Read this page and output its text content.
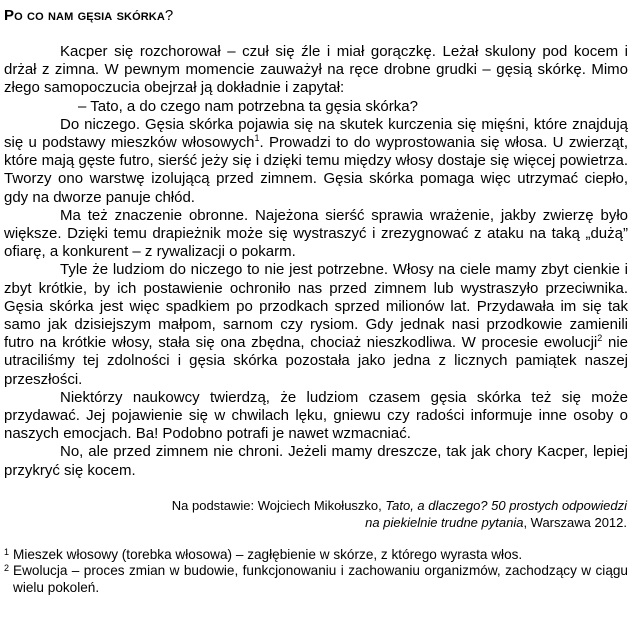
Po co nam gęsia skórka?

Kacper się rozchorował – czuł się źle i miał gorączkę. Leżał skulony pod kocem i drżał z zimna. W pewnym momencie zauważył na ręce drobne grudki – gęsią skórkę. Mimo złego samopoczucia obejrzał ją dokładnie i zapytał:

– Tato, a do czego nam potrzebna ta gęsia skórka?

Do niczego. Gęsia skórka pojawia się na skutek kurczenia się mięśni, które znajdują się u podstawy mieszków włosowych$^1$. Prowadzi to do wyprostowania się włosa. U zwierząt, które mają gęste futro, sierść jeży się i dzięki temu między włosy dostaje się więcej powietrza. Tworzy ono warstwę izolującą przed zimnem. Gęsia skórka pomaga więc utrzymać ciepło, gdy na dworze panuje chłód.

Ma też znaczenie obronne. Najeżona sierść sprawia wrażenie, jakby zwierzę było większe. Dzięki temu drapieżnik może się wystraszyć i zrezygnować z ataku na taką „dużą” ofiarę, a konkurent – z rywalizacji o pokarm.

Tyle że ludziom do niczego to nie jest potrzebne. Włosy na ciele mamy zbyt cienkie i zbyt krótkie, by ich postawienie ochroniło nas przed zimnem lub wystraszyło przeciwnika. Gęsia skórka jest więc spadkiem po przodkach sprzed milionów lat. Przydawała im się tak samo jak dzisiejszym małpom, sarnom czy rysiom. Gdy jednak nasi przodkowie zamienili futro na krótkie włosy, stała się ona zbędna, chociaż nieszkodliwa. W procesie ewolucji$^2$ nie utraciliśmy tej zdolności i gęsia skórka pozostała jako jedna z licznych pamiątek naszej przeszłości.

Niektórzy naukowcy twierdzą, że ludziom czasem gęsia skórka też się może przydawać. Jej pojawienie się w chwilach lęku, gniewu czy radości informuje inne osoby o naszych emocjach. Ba! Podobno potrafi je nawet wzmacniać.

No, ale przed zimnem nie chroni. Jeżeli mamy dreszcze, tak jak chory Kacper, lepiej przykryć się kocem.

Na podstawie: Wojciech Mikołuszko, Tato, a dlaczego? 50 prostych odpowiedzi
na piekielnie trudne pytania, Warszawa 2012.
1 Mieszek włosowy (torebka włosowa) – zagłębienie w skórze, z którego wyrasta włos.
2 Ewolucja – proces zmian w budowie, funkcjonowaniu i zachowaniu organizmów, zachodzący w ciągu wielu pokoleń.
